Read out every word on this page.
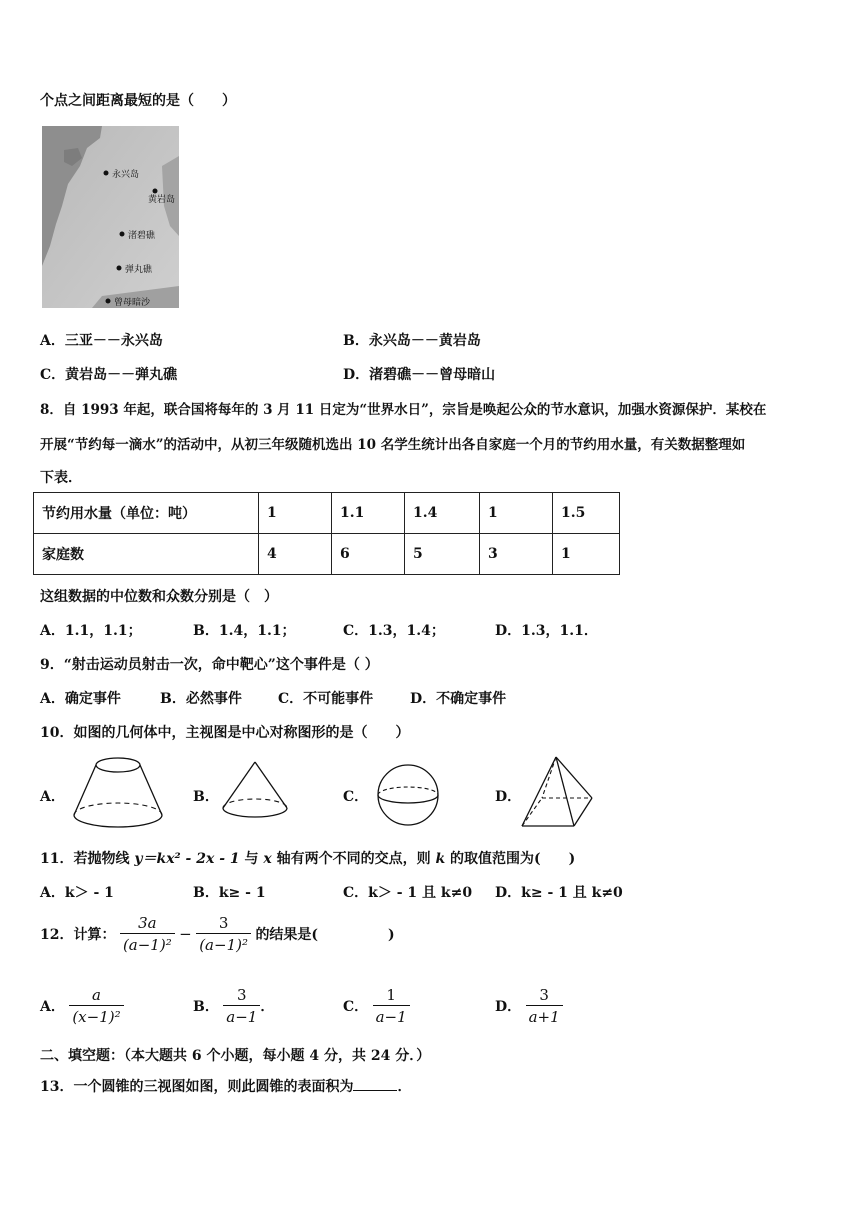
个点之间距离最短的是（　　）
永兴岛
黄岩岛
渚碧礁
弹丸礁
曾母暗沙
A．三亚－－永兴岛	B．永兴岛－－黄岩岛
C．黄岩岛－－弹丸礁	D．渚碧礁－－曾母暗山
8．自 1993 年起，联合国将每年的 3 月 11 日定为“世界水日”，宗旨是唤起公众的节水意识，加强水资源保护．某校在
开展“节约每一滴水”的活动中，从初三年级随机选出 10 名学生统计出各自家庭一个月的节约用水量，有关数据整理如
下表．
节约用水量（单位：吨）	1	1.1	1.4	1	1.5
家庭数	4	6	5	3	1
这组数据的中位数和众数分别是（　）
A．1.1，1.1；	B．1.4，1.1；	C．1.3，1.4；	D．1.3，1.1．
9．“射击运动员射击一次，命中靶心”这个事件是（ ）
A．确定事件	B．必然事件	C．不可能事件	D．不确定事件
10．如图的几何体中，主视图是中心对称图形的是（　　）
A．	B．	C．	D．
11．若抛物线 y＝kx² - 2x - 1 与 x 轴有两个不同的交点，则 k 的取值范围为(　　)
A．k＞ - 1	B．k≥ - 1	C．k＞ - 1 且 k≠0 D．k≥ - 1 且 k≠0
12．计算： $\frac{3a}{\text{(a−1)²}} - \frac{3}{\text{(a−1)²}}$ 的结果是(　　　　　)
A． $\frac{a}{\text{(x−1)²}}$	B． $\frac{3}{a-1}$ ．	C． $\frac{1}{a-1}$	D． $\frac{3}{a+1}$
二、填空题：（本大题共 6 个小题，每小题 4 分，共 24 分．）
13．一个圆锥的三视图如图，则此圆锥的表面积为	．
